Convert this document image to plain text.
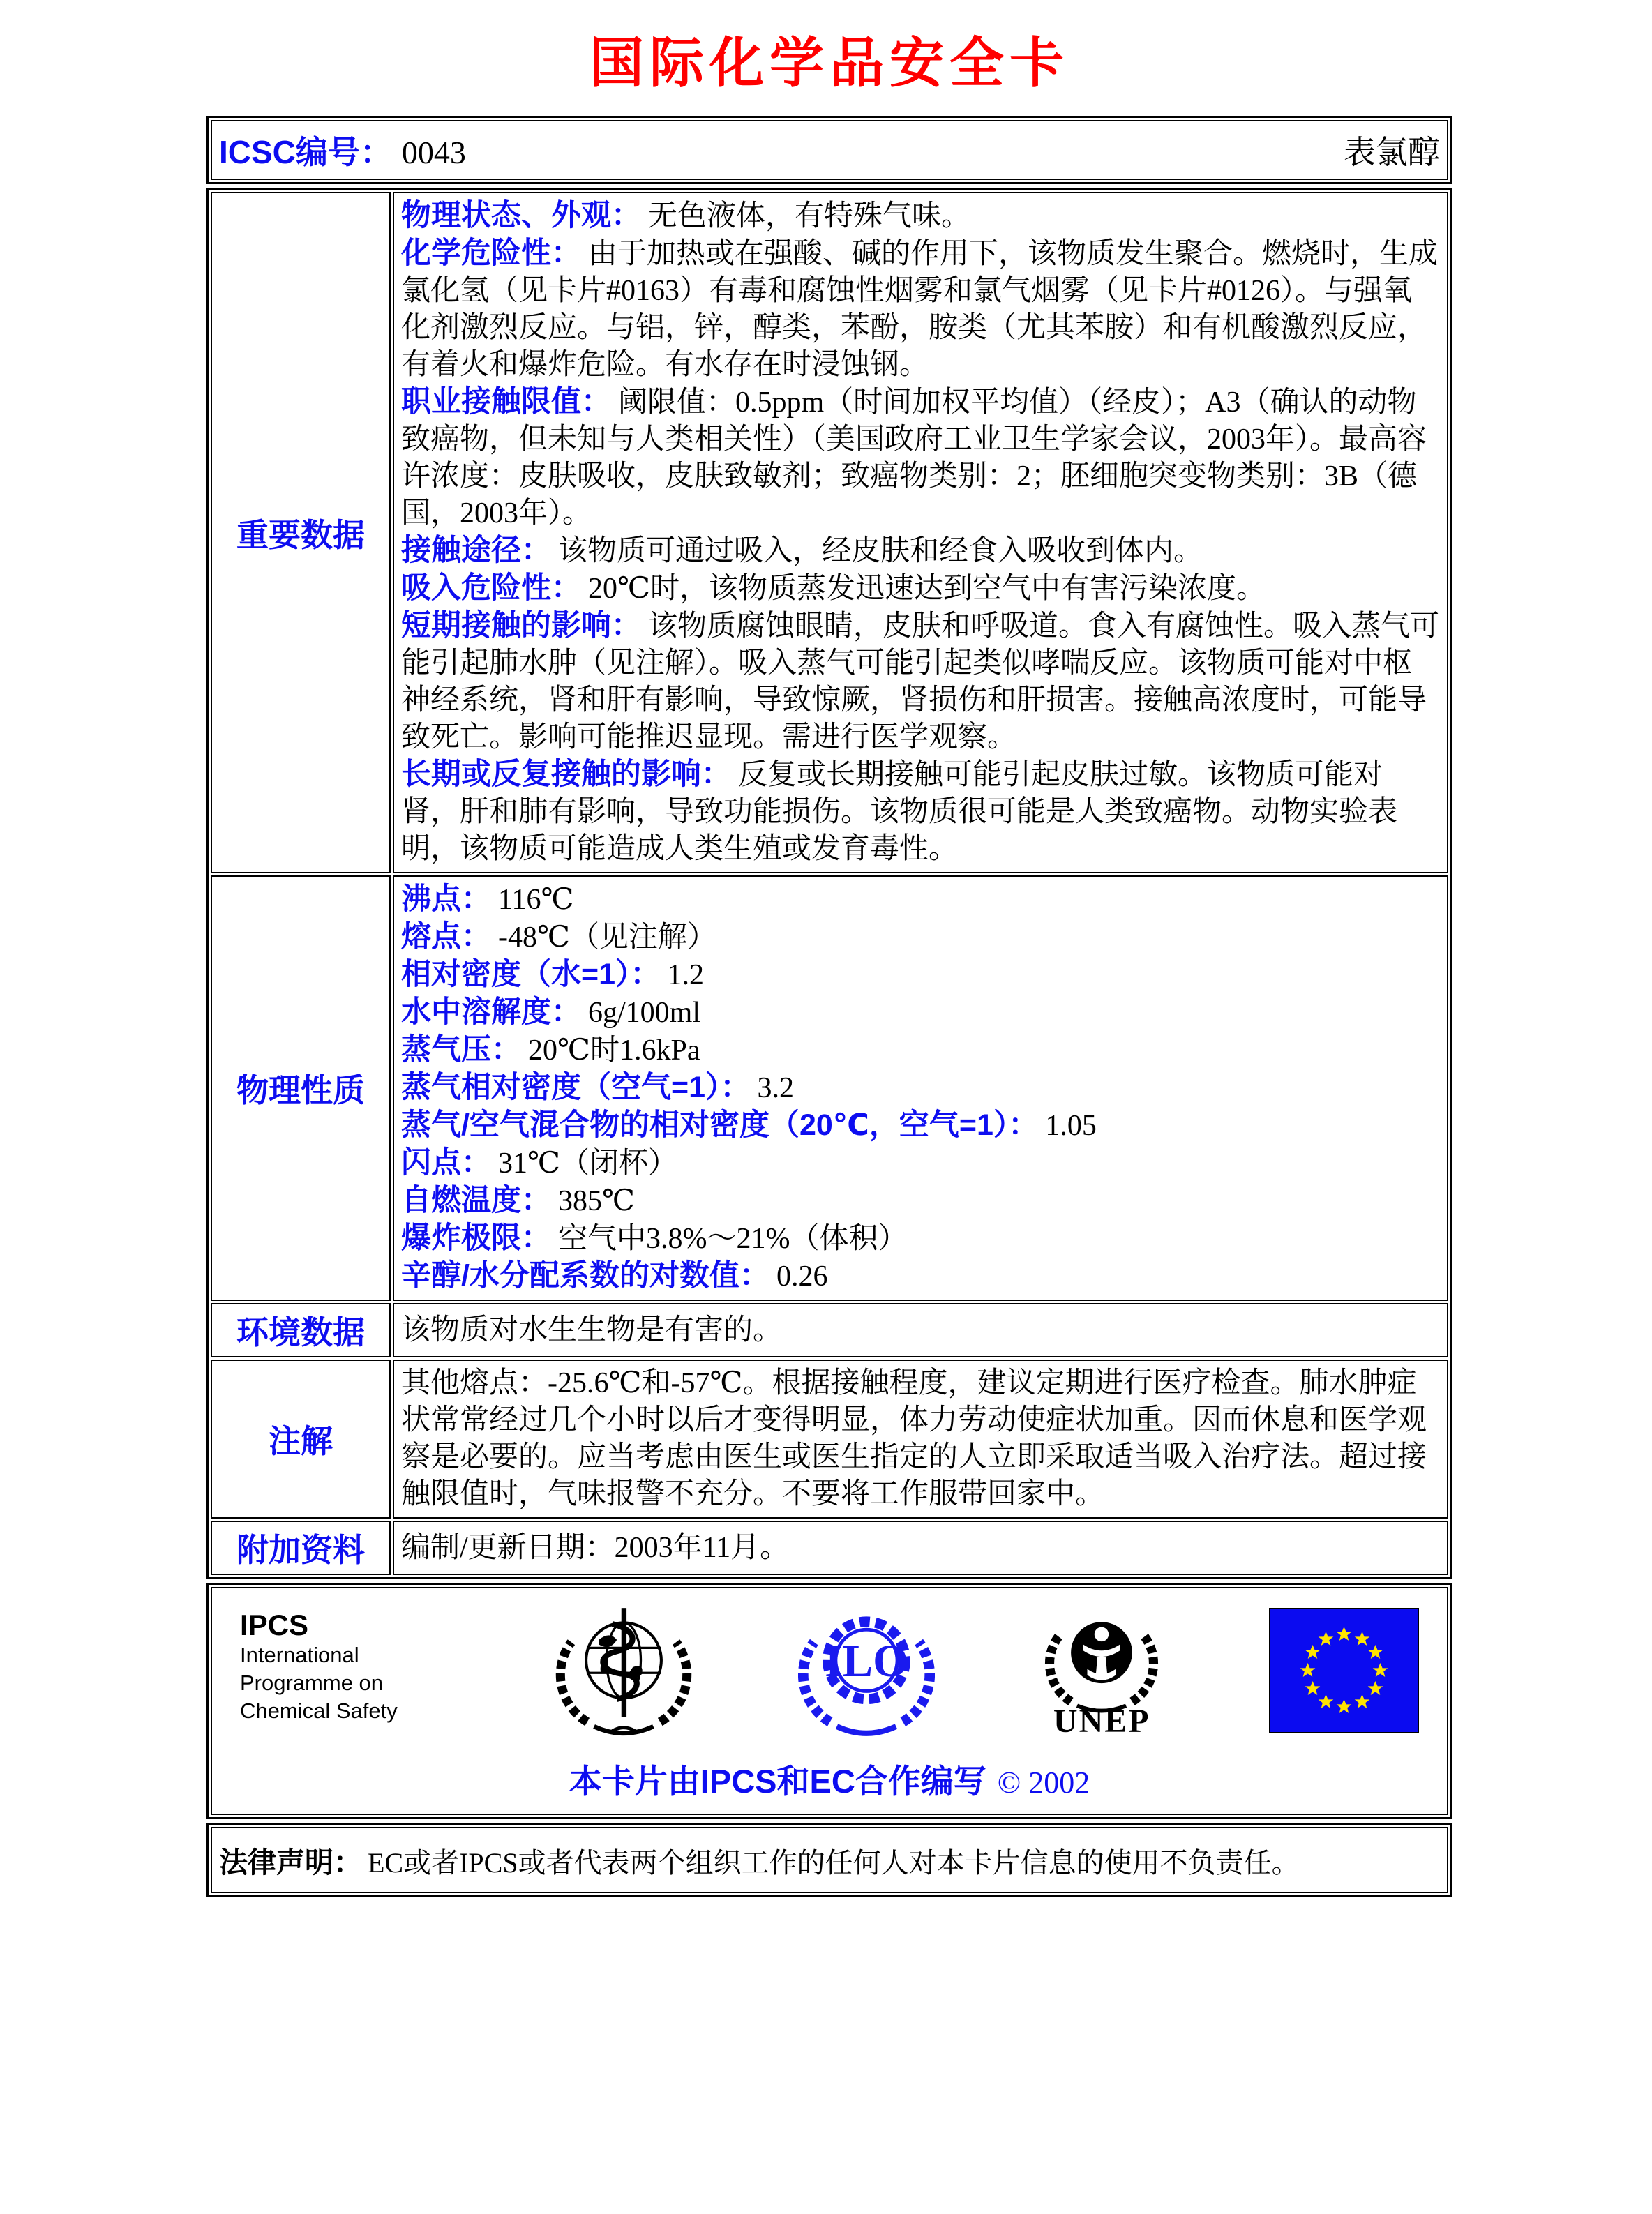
国际化学品安全卡
ICSC编号： 0043	表氯醇
重要数据	
物理状态、外观： 无色液体，有特殊气味。
化学危险性： 由于加热或在强酸、碱的作用下，该物质发生聚合。燃烧时，生成氯化氢（见卡片#0163）有毒和腐蚀性烟雾和氯气烟雾（见卡片#0126）。与强氧化剂激烈反应。与铝，锌，醇类，苯酚，胺类（尤其苯胺）和有机酸激烈反应，有着火和爆炸危险。有水存在时浸蚀钢。
职业接触限值： 阈限值：0.5ppm（时间加权平均值）（经皮）；A3（确认的动物致癌物，但未知与人类相关性）（美国政府工业卫生学家会议，2003年）。最高容许浓度：皮肤吸收，皮肤致敏剂；致癌物类别：2；胚细胞突变物类别：3B（德国，2003年）。
接触途径： 该物质可通过吸入，经皮肤和经食入吸收到体内。
吸入危险性： 20℃时，该物质蒸发迅速达到空气中有害污染浓度。
短期接触的影响： 该物质腐蚀眼睛，皮肤和呼吸道。食入有腐蚀性。吸入蒸气可能引起肺水肿（见注解）。吸入蒸气可能引起类似哮喘反应。该物质可能对中枢神经系统，肾和肝有影响，导致惊厥，肾损伤和肝损害。接触高浓度时，可能导致死亡。影响可能推迟显现。需进行医学观察。
长期或反复接触的影响： 反复或长期接触可能引起皮肤过敏。该物质可能对肾，肝和肺有影响，导致功能损伤。该物质很可能是人类致癌物。动物实验表明，该物质可能造成人类生殖或发育毒性。

物理性质	
沸点： 116℃
熔点： -48℃（见注解）
相对密度（水=1）： 1.2
水中溶解度： 6g/100ml
蒸气压： 20℃时1.6kPa
蒸气相对密度（空气=1）： 3.2
蒸气/空气混合物的相对密度（20℃，空气=1）： 1.05
闪点： 31℃（闭杯）
自燃温度： 385℃
爆炸极限： 空气中3.8%～21%（体积）
辛醇/水分配系数的对数值： 0.26

环境数据	该物质对水生生物是有害的。

注解	其他熔点：-25.6℃和-57℃。根据接触程度，建议定期进行医疗检查。肺水肿症状常常经过几个小时以后才变得明显，体力劳动使症状加重。因而休息和医学观察是必要的。应当考虑由医生或医生指定的人立即采取适当吸入治疗法。超过接触限值时，气味报警不充分。不要将工作服带回家中。

附加资料	编制/更新日期：2003年11月。
IPCS
International
Programme on
Chemical Safety
ILO
UNEP
本卡片由IPCS和EC合作编写 © 2002
法律声明： EC或者IPCS或者代表两个组织工作的任何人对本卡片信息的使用不负责任。
